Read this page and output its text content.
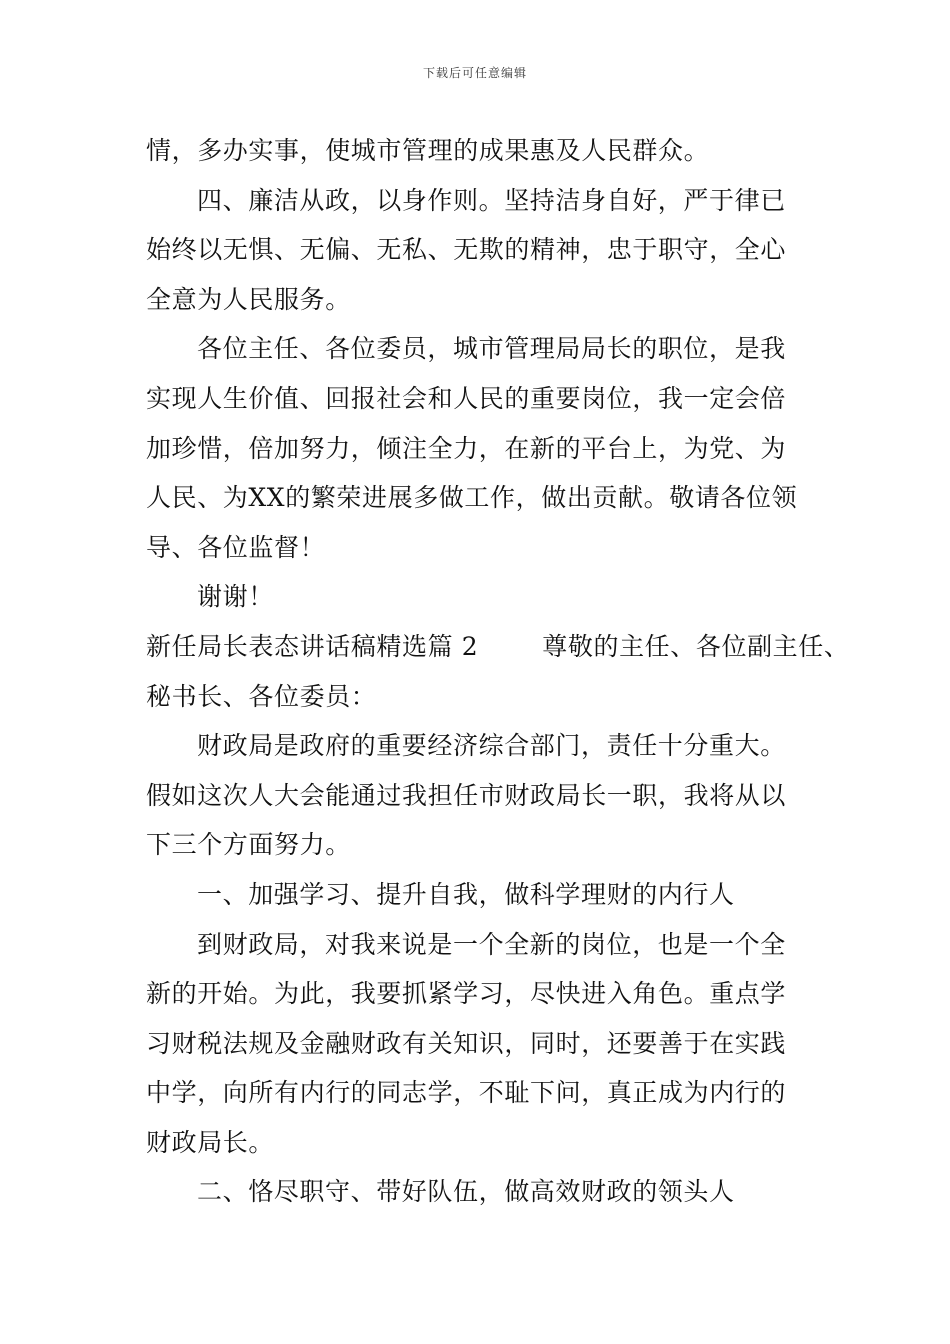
下载后可任意编辑
情，多办实事，使城市管理的成果惠及人民群众。
四、廉洁从政，以身作则。坚持洁身自好，严于律已
始终以无惧、无偏、无私、无欺的精神，忠于职守，全心
全意为人民服务。
各位主任、各位委员，城市管理局局长的职位，是我
实现人生价值、回报社会和人民的重要岗位，我一定会倍
加珍惜，倍加努力，倾注全力，在新的平台上，为党、为
人民、为XX的繁荣进展多做工作，做出贡献。敬请各位领
导、各位监督！
谢谢！
新任局长表态讲话稿精选篇 2	尊敬的主任、各位副主任、
秘书长、各位委员：
财政局是政府的重要经济综合部门，责任十分重大。
假如这次人大会能通过我担任市财政局长一职，我将从以
下三个方面努力。
一、加强学习、提升自我，做科学理财的内行人
到财政局，对我来说是一个全新的岗位，也是一个全
新的开始。为此，我要抓紧学习，尽快进入角色。重点学
习财税法规及金融财政有关知识，同时，还要善于在实践
中学，向所有内行的同志学，不耻下问，真正成为内行的
财政局长。
二、恪尽职守、带好队伍，做高效财政的领头人
